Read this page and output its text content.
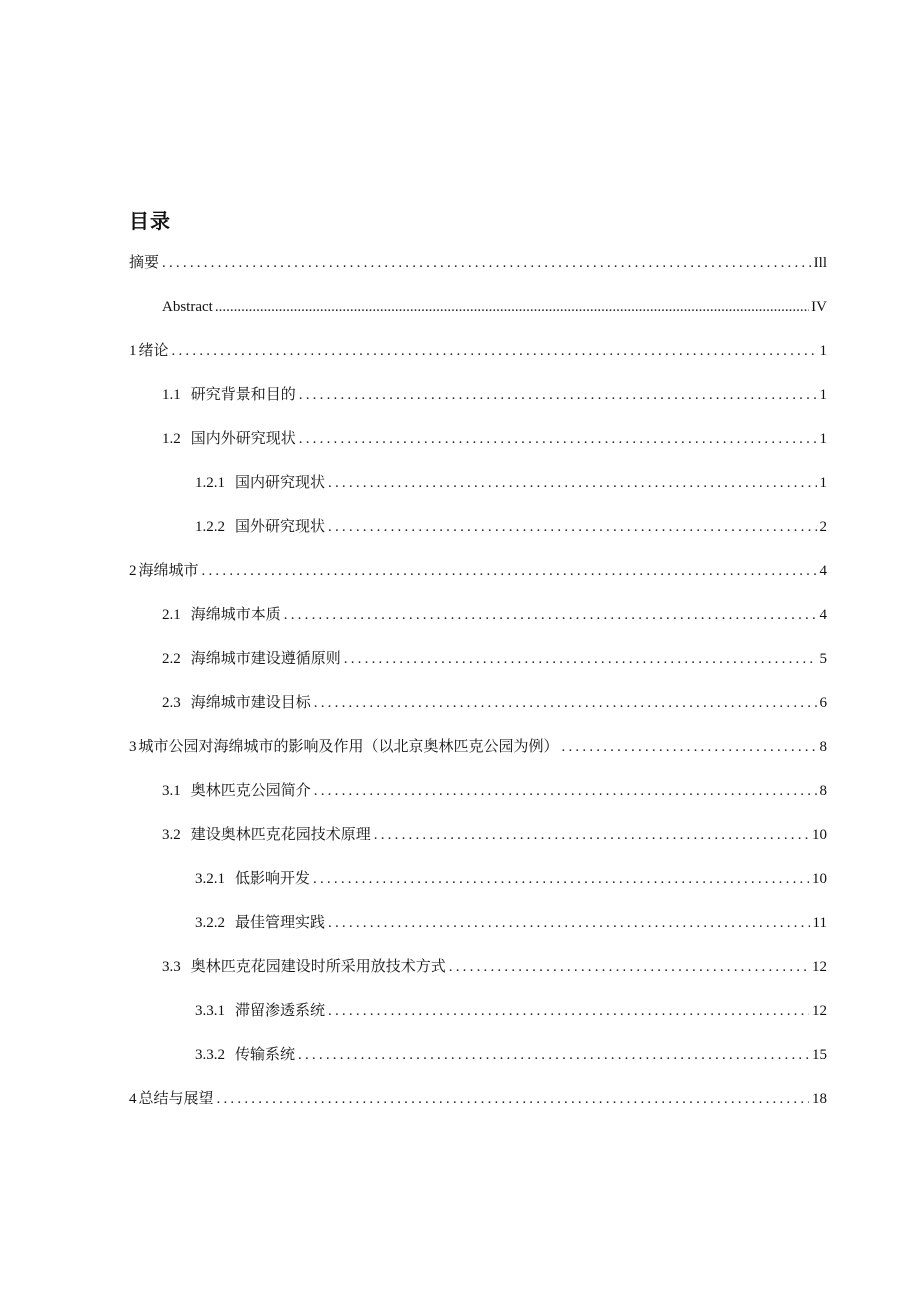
目录
摘要 .....	Ill
Abstract .....	IV
1 绪论 .....	1
1.1 研究背景和目的 .....	1
1.2 国内外研究现状 .....	1
1.2.1 国内研究现状 .....	1
1.2.2 国外研究现状 .....	2
2 海绵城市 .....	4
2.1 海绵城市本质 .....	4
2.2 海绵城市建设遵循原则 .....	5
2.3 海绵城市建设目标 .....	6
3 城市公园对海绵城市的影响及作用（以北京奥林匹克公园为例） .....	8
3.1 奥林匹克公园简介 .....	8
3.2 建设奥林匹克花园技术原理 .....	10
3.2.1 低影响开发 .....	10
3.2.2 最佳管理实践 .....	11
3.3 奥林匹克花园建设时所采用放技术方式 .....	12
3.3.1 滞留渗透系统 .....	12
3.3.2 传输系统 .....	15
4 总结与展望 .....	18
